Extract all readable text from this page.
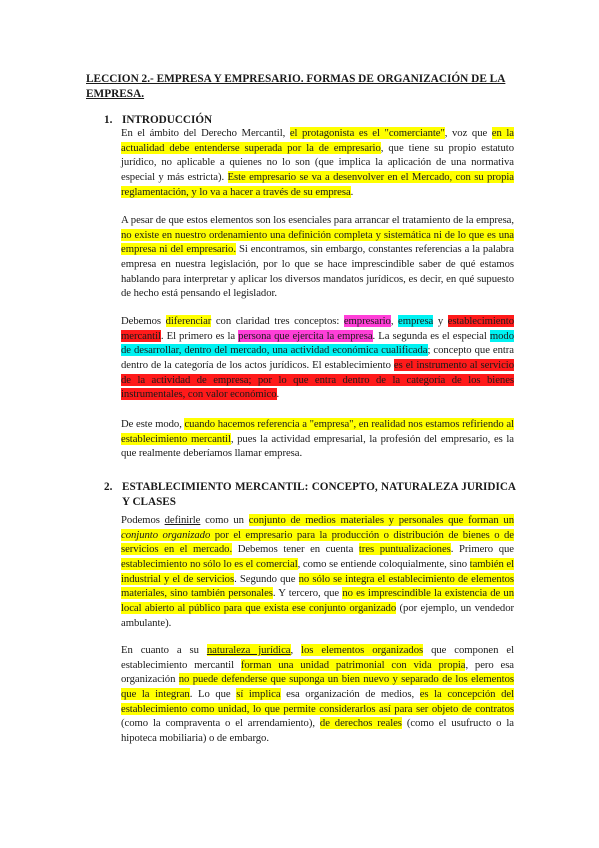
LECCION 2.- EMPRESA Y EMPRESARIO. FORMAS DE ORGANIZACIÓN DE LA EMPRESA.
1. INTRODUCCIÓN

En el ámbito del Derecho Mercantil, el protagonista es el "comerciante", voz que en la actualidad debe entenderse superada por la de empresario, que tiene su propio estatuto jurídico, no aplicable a quienes no lo son (que implica la aplicación de una normativa especial y más estricta). Este empresario se va a desenvolver en el Mercado, con su propia reglamentación, y lo va a hacer a través de su empresa.

A pesar de que estos elementos son los esenciales para arrancar el tratamiento de la empresa, no existe en nuestro ordenamiento una definición completa y sistemática ni de lo que es una empresa ni del empresario. Si encontramos, sin embargo, constantes referencias a la palabra empresa en nuestra legislación, por lo que se hace imprescindible saber de qué estamos hablando para interpretar y aplicar los diversos mandatos jurídicos, es decir, en qué supuesto de hecho está pensando el legislador.

Debemos diferenciar con claridad tres conceptos: empresario, empresa y establecimiento mercantil. El primero es la persona que ejercita la empresa. La segunda es el especial modo de desarrollar, dentro del mercado, una actividad económica cualificada; concepto que entra dentro de la categoría de los actos jurídicos. El establecimiento es el instrumento al servicio de la actividad de empresa; por lo que entra dentro de la categoría de los bienes instrumentales, con valor económico.

De este modo, cuando hacemos referencia a "empresa", en realidad nos estamos refiriendo al establecimiento mercantil, pues la actividad empresarial, la profesión del empresario, es la que realmente deberíamos llamar empresa.

2. ESTABLECIMIENTO MERCANTIL: CONCEPTO, NATURALEZA JURIDICA Y CLASES

Podemos definirle como un conjunto de medios materiales y personales que forman un conjunto organizado por el empresario para la producción o distribución de bienes o de servicios en el mercado. Debemos tener en cuenta tres puntualizaciones. Primero que establecimiento no sólo lo es el comercial, como se entiende coloquialmente, sino también el industrial y el de servicios. Segundo que no sólo se integra el establecimiento de elementos materiales, sino también personales. Y tercero, que no es imprescindible la existencia de un local abierto al público para que exista ese conjunto organizado (por ejemplo, un vendedor ambulante).

En cuanto a su naturaleza jurídica, los elementos organizados que componen el establecimiento mercantil forman una unidad patrimonial con vida propia, pero esa organización no puede defenderse que suponga un bien nuevo y separado de los elementos que la integran. Lo que sí implica esa organización de medios, es la concepción del establecimiento como unidad, lo que permite considerarlos así para ser objeto de contratos (como la compraventa o el arrendamiento), de derechos reales (como el usufructo o la hipoteca mobiliaria) o de embargo.
